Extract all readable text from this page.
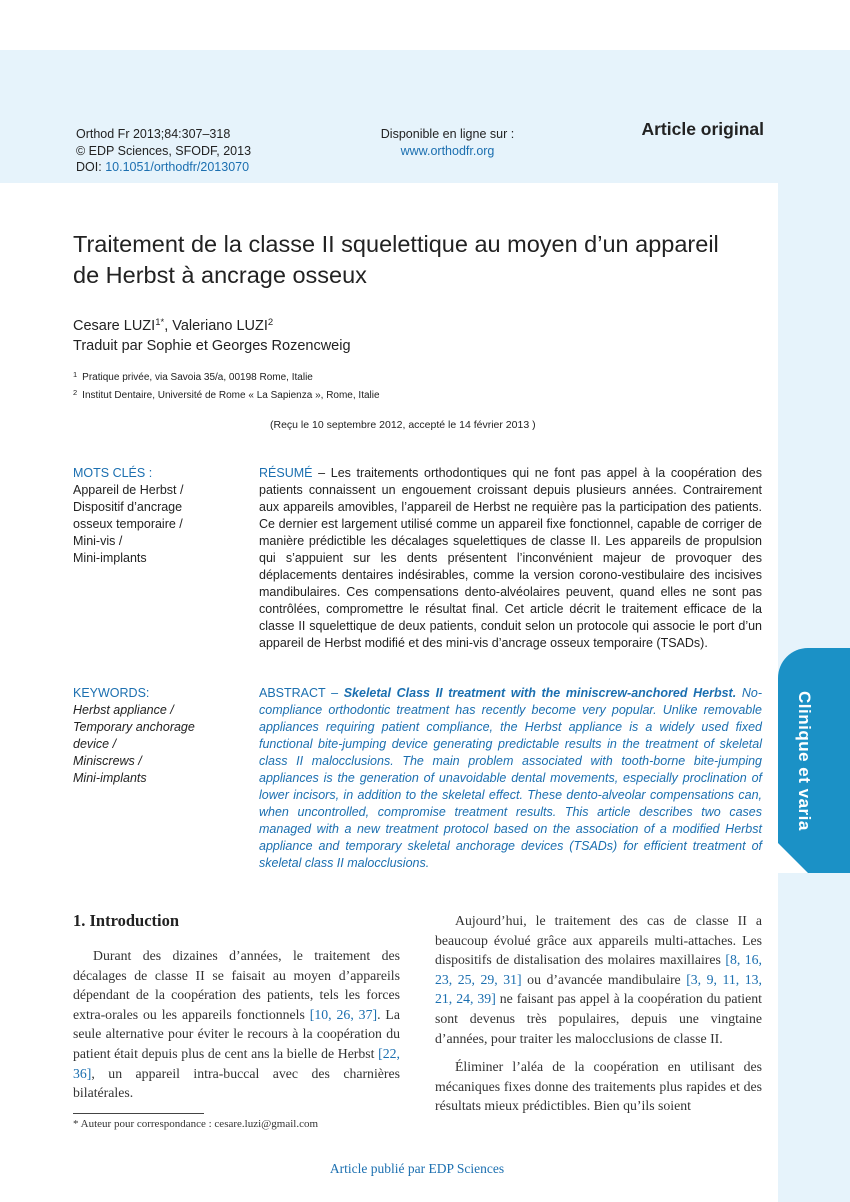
Clinique et varia
Orthod Fr 2013;84:307–318
© EDP Sciences, SFODF, 2013
DOI: 10.1051/orthodfr/2013070
Disponible en ligne sur :
www.orthodfr.org
Article original
Traitement de la classe II squelettique au moyen d’un appareil de Herbst à ancrage osseux
Cesare $LUZI^{1*}$, Valeriano LUZI$^2$
Traduit par Sophie et Georges Rozencweig
$^1$ Pratique privée, via Savoia 35/a, 00198 Rome, Italie
$^2$ Institut Dentaire, Université de Rome « La Sapienza », Rome, Italie
(Reçu le 10 septembre 2012, accepté le 14 février 2013 )
MOTS CLÉS :
Appareil de Herbst /
Dispositif d’ancrage
osseux temporaire /
Mini-vis /
Mini-implants
RÉSUMÉ – Les traitements orthodontiques qui ne font pas appel à la coopération des patients connaissent un engouement croissant depuis plusieurs années. Contrairement aux appareils amovibles, l’appareil de Herbst ne requière pas la participation des patients. Ce dernier est largement utilisé comme un appareil fixe fonctionnel, capable de corriger de manière prédictible les décalages squelettiques de classe II. Les appareils de propulsion qui s’appuient sur les dents présentent l’inconvénient majeur de provoquer des déplacements dentaires indésirables, comme la version corono-vestibulaire des incisives mandibulaires. Ces compensations dento-alvéolaires peuvent, quand elles ne sont pas contrôlées, compromettre le résultat final. Cet article décrit le traitement efficace de la classe II squelettique de deux patients, conduit selon un protocole qui associe le port d’un appareil de Herbst modifié et des mini-vis d’ancrage osseux temporaire (TSADs).
KEYWORDS:
Herbst appliance /
Temporary anchorage
device /
Miniscrews /
Mini-implants
ABSTRACT – Skeletal Class II treatment with the miniscrew-anchored Herbst. No-compliance orthodontic treatment has recently become very popular. Unlike removable appliances requiring patient compliance, the Herbst appliance is a widely used fixed functional bite-jumping device generating predictable results in the treatment of skeletal class II malocclusions. The main problem associated with tooth-borne bite-jumping appliances is the generation of unavoidable dental movements, especially proclination of lower incisors, in addition to the skeletal effect. These dento-alveolar compensations can, when uncontrolled, compromise treatment results. This article describes two cases managed with a new treatment protocol based on the association of a modified Herbst appliance and temporary skeletal anchorage devices (TSADs) for efficient treatment of skeletal class II malocclusions.
1. Introduction

Durant des dizaines d’années, le traitement des décalages de classe II se faisait au moyen d’appareils dépendant de la coopération des patients, tels les forces extra-orales ou les appareils fonctionnels [10, 26, 37]. La seule alternative pour éviter le recours à la coopération du patient était depuis plus de cent ans la bielle de Herbst [22, 36], un appareil intra-buccal avec des charnières bilatérales.

Aujourd’hui, le traitement des cas de classe II a beaucoup évolué grâce aux appareils multi-attaches. Les dispositifs de distalisation des molaires maxillaires [8, 16, 23, 25, 29, 31] ou d’avancée mandibulaire [3, 9, 11, 13, 21, 24, 39] ne faisant pas appel à la coopération du patient sont devenus très populaires, depuis une vingtaine d’années, pour traiter les malocclusions de classe II.

Éliminer l’aléa de la coopération en utilisant des mécaniques fixes donne des traitements plus rapides et des résultats mieux prédictibles. Bien qu’ils soient

* Auteur pour correspondance : cesare.luzi@gmail.com
Article publié par EDP Sciences
